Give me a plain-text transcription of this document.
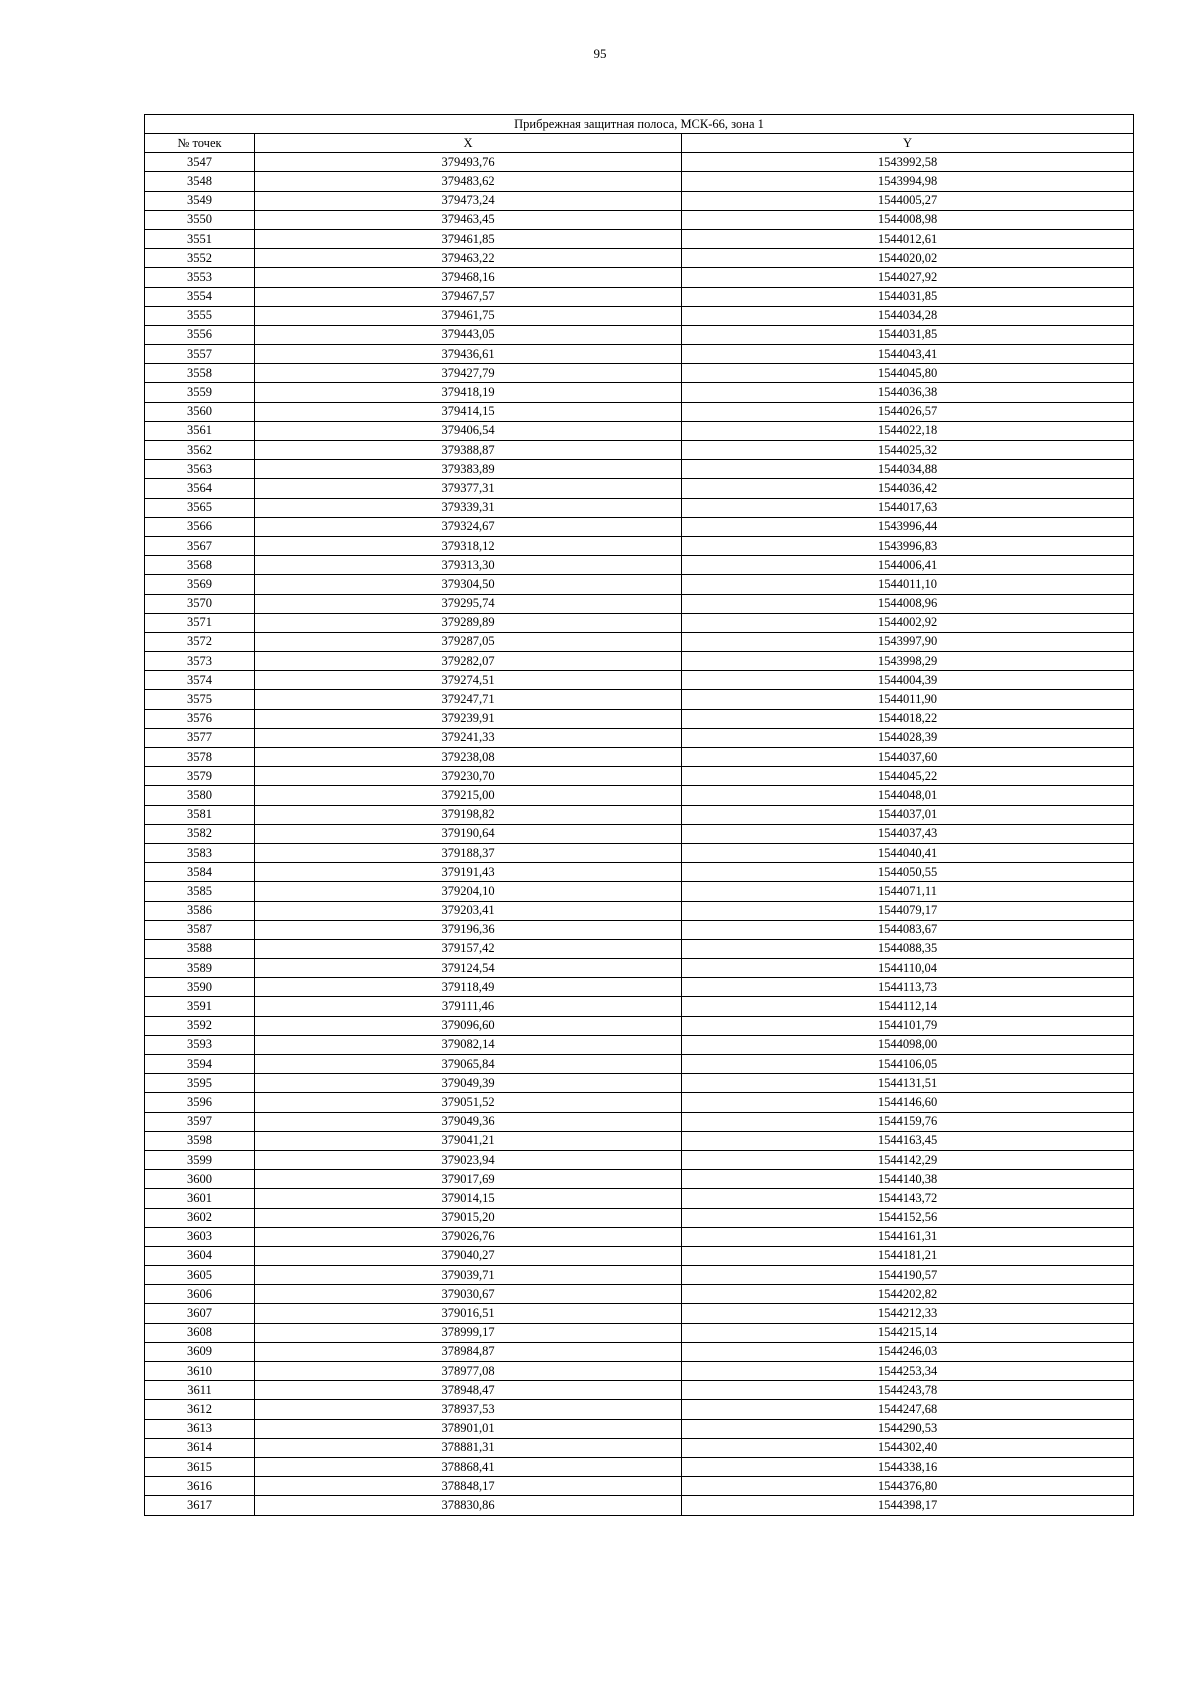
95
Прибрежная защитная полоса, МСК-66, зона 1		
№ точек	X	Y
3547	379493,76	1543992,58
3548	379483,62	1543994,98
3549	379473,24	1544005,27
3550	379463,45	1544008,98
3551	379461,85	1544012,61
3552	379463,22	1544020,02
3553	379468,16	1544027,92
3554	379467,57	1544031,85
3555	379461,75	1544034,28
3556	379443,05	1544031,85
3557	379436,61	1544043,41
3558	379427,79	1544045,80
3559	379418,19	1544036,38
3560	379414,15	1544026,57
3561	379406,54	1544022,18
3562	379388,87	1544025,32
3563	379383,89	1544034,88
3564	379377,31	1544036,42
3565	379339,31	1544017,63
3566	379324,67	1543996,44
3567	379318,12	1543996,83
3568	379313,30	1544006,41
3569	379304,50	1544011,10
3570	379295,74	1544008,96
3571	379289,89	1544002,92
3572	379287,05	1543997,90
3573	379282,07	1543998,29
3574	379274,51	1544004,39
3575	379247,71	1544011,90
3576	379239,91	1544018,22
3577	379241,33	1544028,39
3578	379238,08	1544037,60
3579	379230,70	1544045,22
3580	379215,00	1544048,01
3581	379198,82	1544037,01
3582	379190,64	1544037,43
3583	379188,37	1544040,41
3584	379191,43	1544050,55
3585	379204,10	1544071,11
3586	379203,41	1544079,17
3587	379196,36	1544083,67
3588	379157,42	1544088,35
3589	379124,54	1544110,04
3590	379118,49	1544113,73
3591	379111,46	1544112,14
3592	379096,60	1544101,79
3593	379082,14	1544098,00
3594	379065,84	1544106,05
3595	379049,39	1544131,51
3596	379051,52	1544146,60
3597	379049,36	1544159,76
3598	379041,21	1544163,45
3599	379023,94	1544142,29
3600	379017,69	1544140,38
3601	379014,15	1544143,72
3602	379015,20	1544152,56
3603	379026,76	1544161,31
3604	379040,27	1544181,21
3605	379039,71	1544190,57
3606	379030,67	1544202,82
3607	379016,51	1544212,33
3608	378999,17	1544215,14
3609	378984,87	1544246,03
3610	378977,08	1544253,34
3611	378948,47	1544243,78
3612	378937,53	1544247,68
3613	378901,01	1544290,53
3614	378881,31	1544302,40
3615	378868,41	1544338,16
3616	378848,17	1544376,80
3617	378830,86	1544398,17
